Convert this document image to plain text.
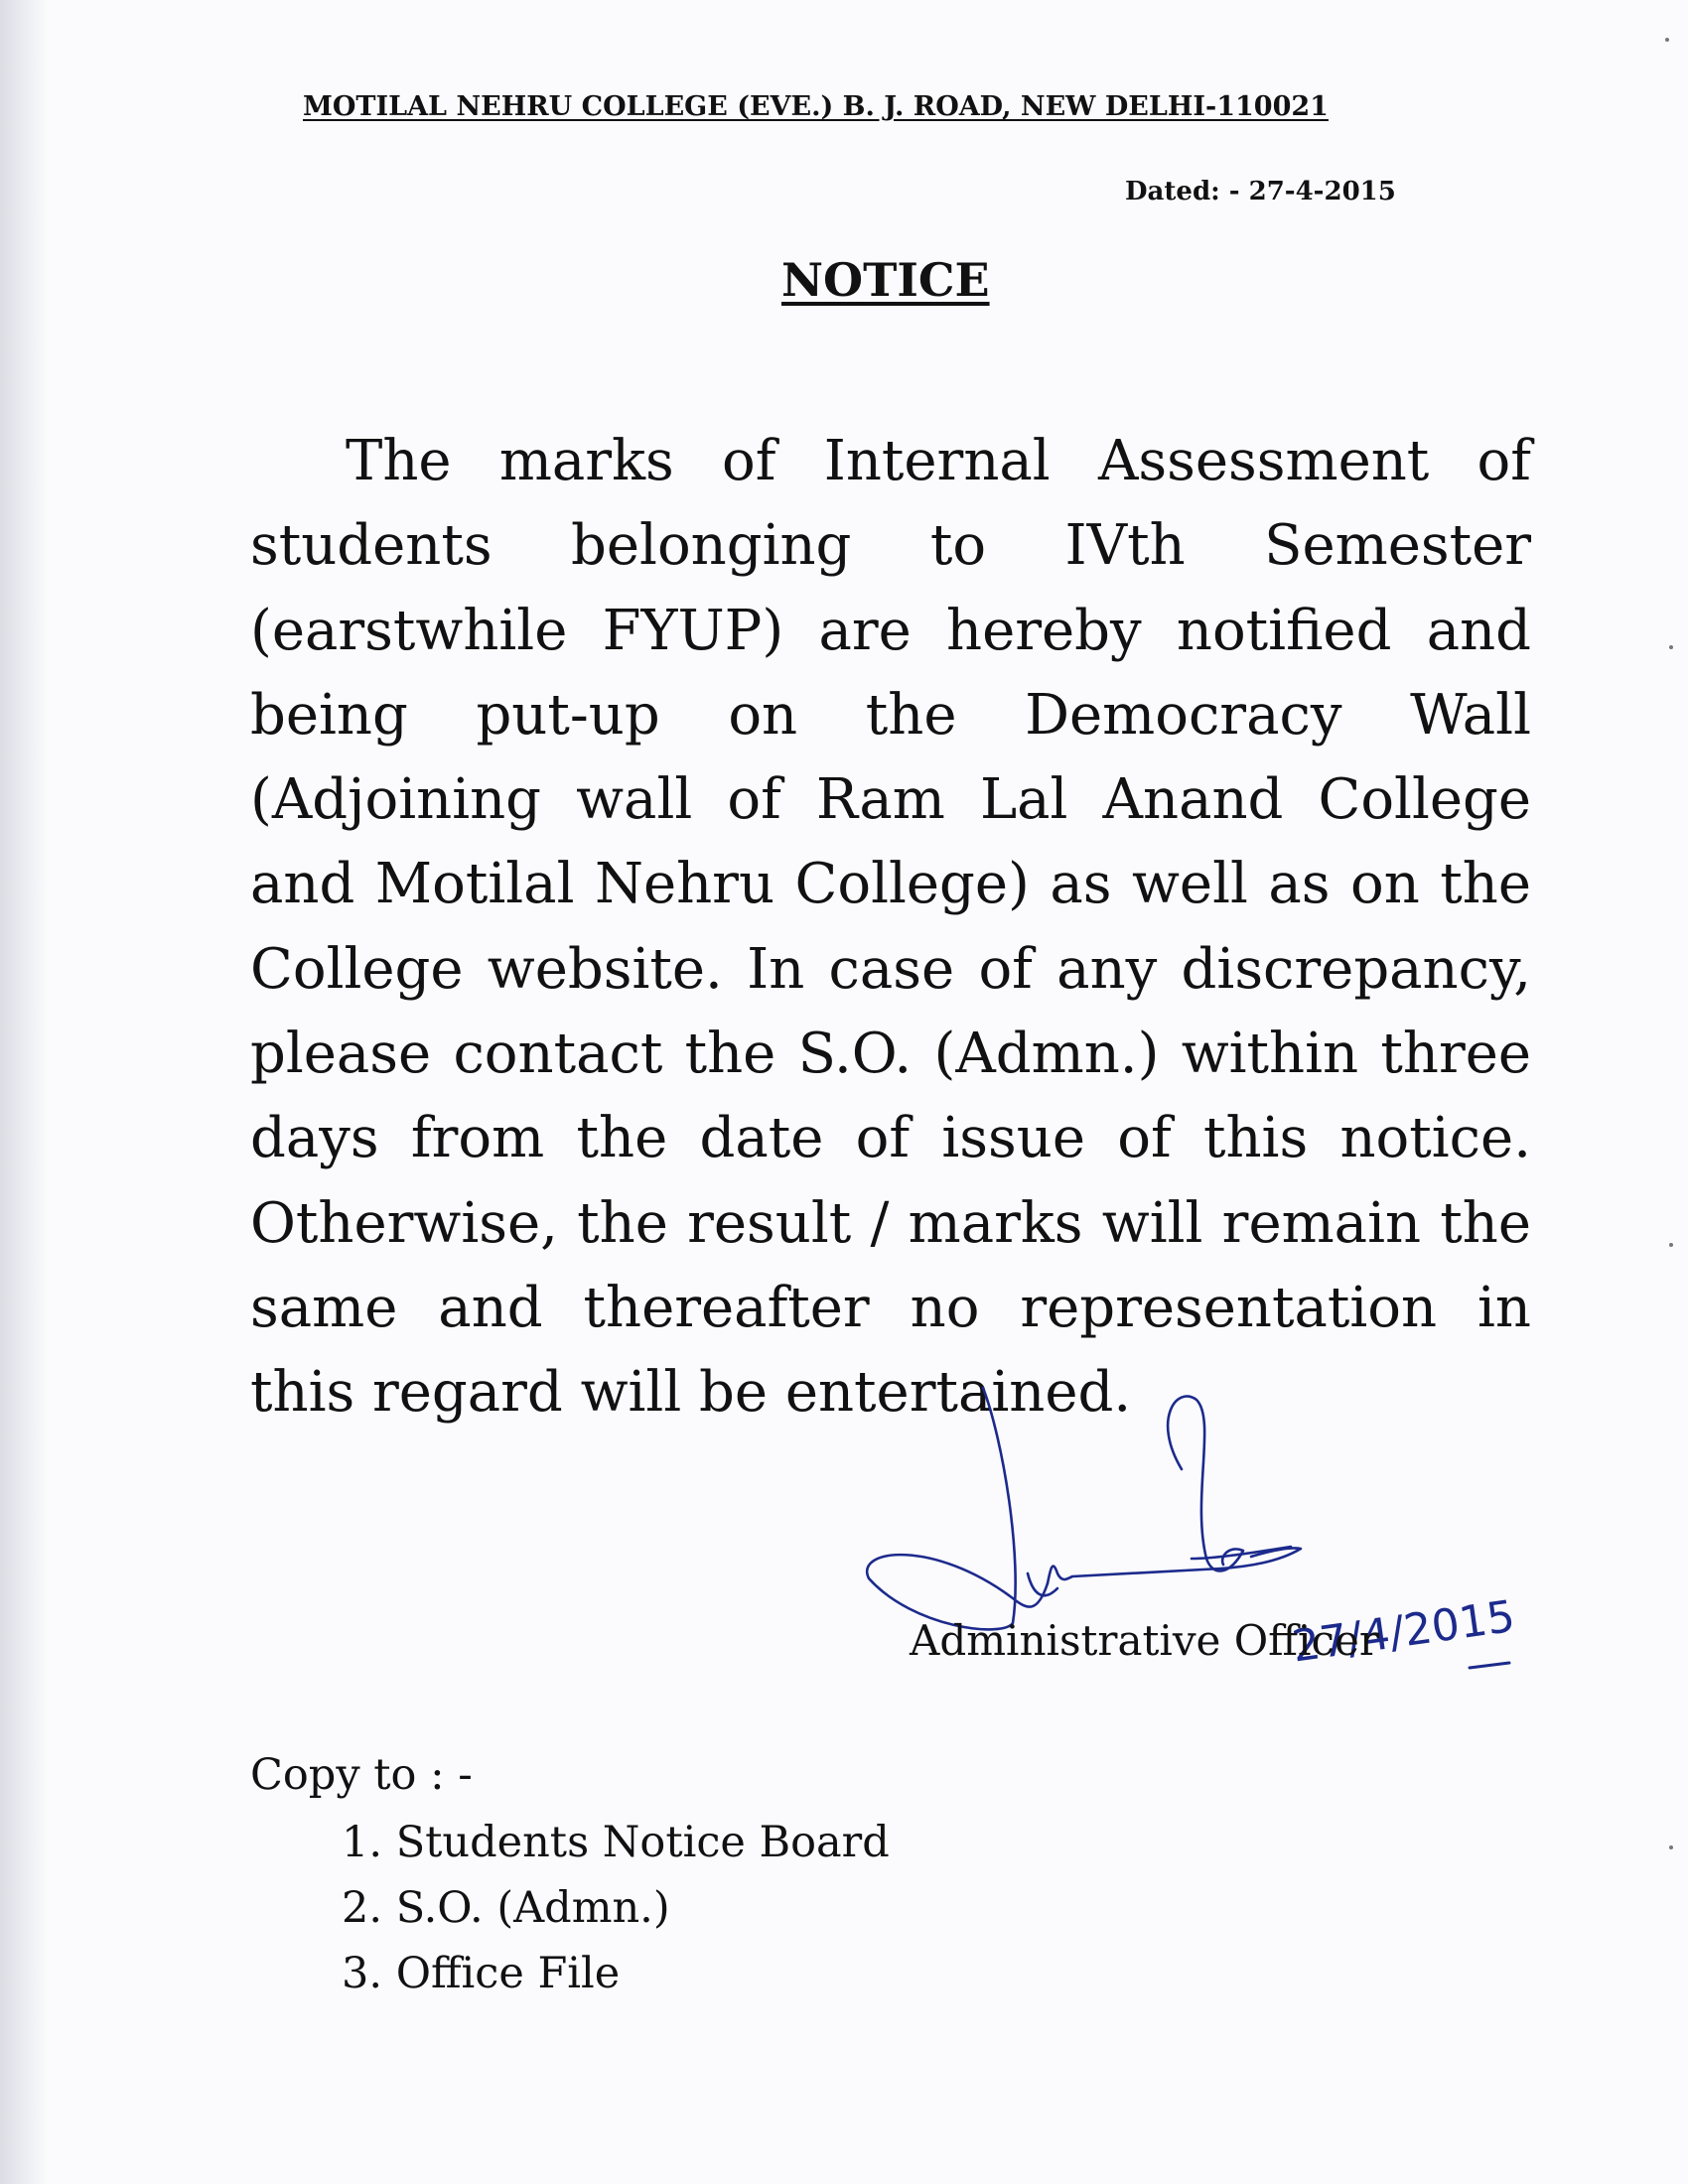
MOTILAL NEHRU COLLEGE (EVE.) B. J. ROAD, NEW DELHI-110021
Dated: - 27-4-2015
NOTICE

The marks of Internal Assessment of students belonging to IVth Semester (earstwhile FYUP) are hereby notified and being put-up on the Democracy Wall (Adjoining wall of Ram Lal Anand College and Motilal Nehru College) as well as on the College website. In case of any discrepancy, please contact the S.O. (Admn.) within three days from the date of issue of this notice. Otherwise, the result / marks will remain the same and thereafter no representation in this regard will be entertained.

27/4/2015
Administrative Officer
Copy to : -
1. Students Notice Board
2. S.O. (Admn.)
3. Office File
